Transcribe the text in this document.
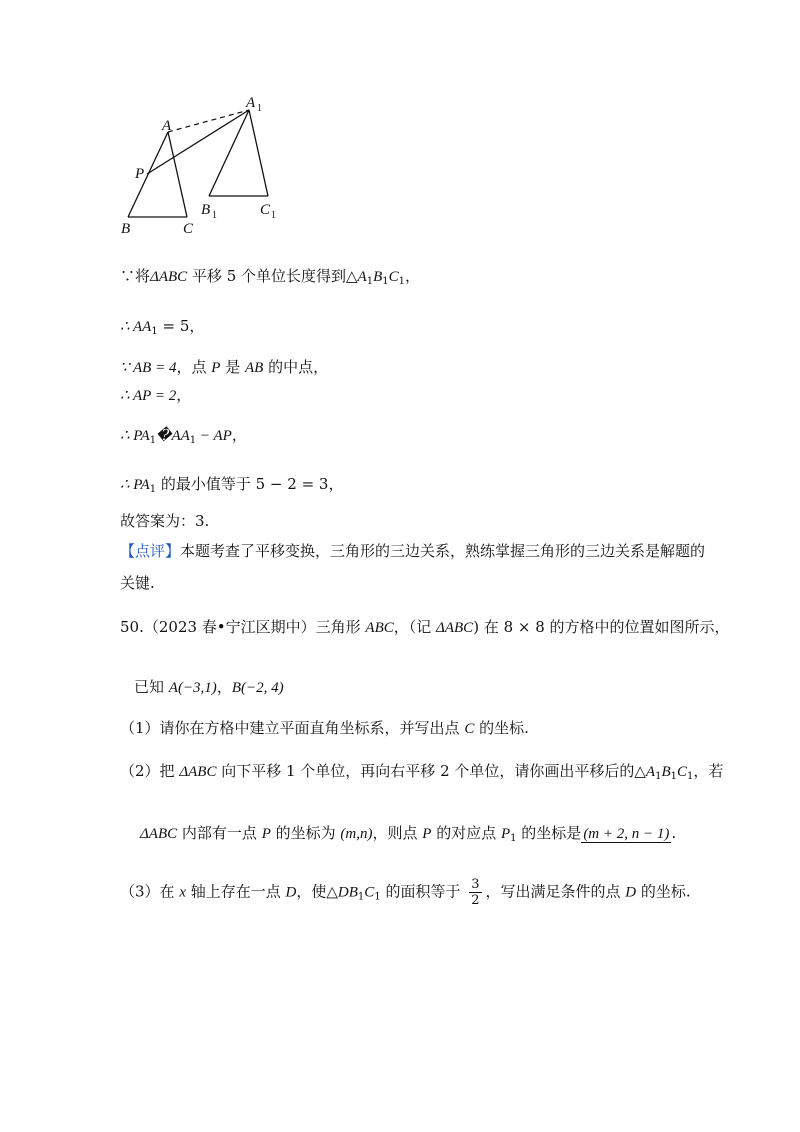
A
A 1
P
B	C
B 1	C 1
∵将ΔABC 平移 5 个单位长度得到$\triangle A_1B_1C_1$，
∴ $AA_1 = 5$，
∵ AB = 4，点 P 是 AB 的中点，
∴ AP = 2，
∴ $PA_1�AA_1$ − AP，
∴ $PA_1$ 的最小值等于 5 − 2 = 3，
故答案为：3.
【点评】本题考查了平移变换，三角形的三边关系，熟练掌握三角形的三边关系是解题的
关键.
50.（2023 春•宁江区期中）三角形 ABC，（记 ΔABC) 在 8 × 8 的方格中的位置如图所示，
已知 A(−3,1)，B(−2, 4)
（1）请你在方格中建立平面直角坐标系，并写出点 C 的坐标.
（2）把 ΔABC 向下平移 1 个单位，再向右平移 2 个单位，请你画出平移后的$\triangle A_1B_1C_1$，若
ΔABC 内部有一点 P 的坐标为 (m,n)，则点 P 的对应点 $P_1$ 的坐标是 (m + 2, n − 1) .
（3）在 x 轴上存在一点 D，使$\triangle DB_1C_1$ 的面积等于 $\frac{3}{2}$ ，写出满足条件的点 D 的坐标.
